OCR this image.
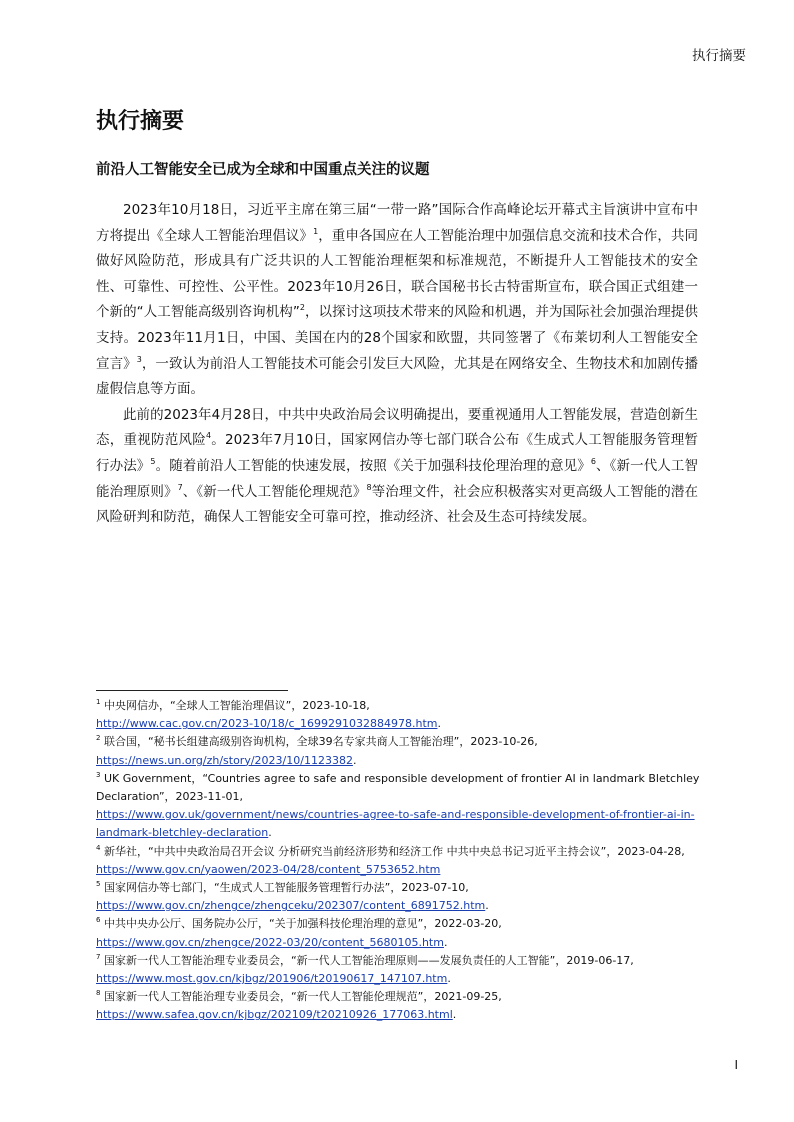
执行摘要
执行摘要
前沿人工智能安全已成为全球和中国重点关注的议题

2023年10月18日，习近平主席在第三届“一带一路”国际合作高峰论坛开幕式主旨演讲中宣布中方将提出《全球人工智能治理倡议》$^1$，重申各国应在人工智能治理中加强信息交流和技术合作，共同做好风险防范，形成具有广泛共识的人工智能治理框架和标准规范，不断提升人工智能技术的安全性、可靠性、可控性、公平性。2023年10月26日，联合国秘书长古特雷斯宣布，联合国正式组建一个新的“人工智能高级别咨询机构”$^2$，以探讨这项技术带来的风险和机遇，并为国际社会加强治理提供支持。2023年11月1日，中国、美国在内的28个国家和欧盟，共同签署了《布莱切利人工智能安全宣言》$^3$，一致认为前沿人工智能技术可能会引发巨大风险，尤其是在网络安全、生物技术和加剧传播虚假信息等方面。

此前的2023年4月28日，中共中央政治局会议明确提出，要重视通用人工智能发展，营造创新生态，重视防范风险$^4$。2023年7月10日，国家网信办等七部门联合公布《生成式人工智能服务管理暂行办法》$^5$。随着前沿人工智能的快速发展，按照《关于加强科技伦理治理的意见》$^6$、《新一代人工智能治理原则》$^7$、《新一代人工智能伦理规范》$^8$等治理文件，社会应积极落实对更高级人工智能的潜在风险研判和防范，确保人工智能安全可靠可控，推动经济、社会及生态可持续发展。

$^1$ 中央网信办，“全球人工智能治理倡议”，2023-10-18,
http://www.cac.gov.cn/2023-10/18/c_1699291032884978.htm.

$^2$ 联合国，“秘书长组建高级别咨询机构，全球39名专家共商人工智能治理”，2023-10-26,
https://news.un.org/zh/story/2023/10/1123382.

$^3$ UK Government，“Countries agree to safe and responsible development of frontier AI in landmark Bletchley Declaration”，2023-11-01,
https://www.gov.uk/government/news/countries-agree-to-safe-and-responsible-development-of-frontier-ai-in-landmark-bletchley-declaration.

$^4$ 新华社，“中共中央政治局召开会议 分析研究当前经济形势和经济工作 中共中央总书记习近平主持会议”，2023-04-28, https://www.gov.cn/yaowen/2023-04/28/content_5753652.htm

$^5$ 国家网信办等七部门，“生成式人工智能服务管理暂行办法”，2023-07-10,
https://www.gov.cn/zhengce/zhengceku/202307/content_6891752.htm.

$^6$ 中共中央办公厅、国务院办公厅，“关于加强科技伦理治理的意见”，2022-03-20,
https://www.gov.cn/zhengce/2022-03/20/content_5680105.htm.

$^7$ 国家新一代人工智能治理专业委员会，“新一代人工智能治理原则——发展负责任的人工智能”，2019-06-17,
https://www.most.gov.cn/kjbgz/201906/t20190617_147107.htm.

$^8$ 国家新一代人工智能治理专业委员会，“新一代人工智能伦理规范”，2021-09-25,
https://www.safea.gov.cn/kjbgz/202109/t20210926_177063.html.

I
